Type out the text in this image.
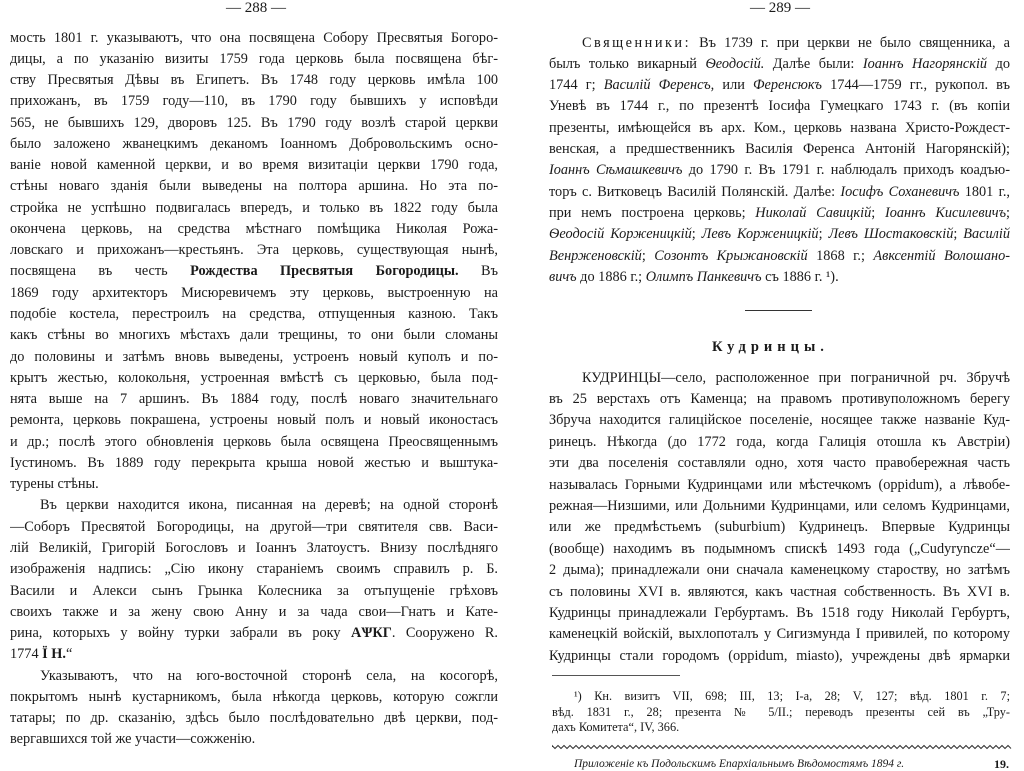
— 288 —
мость 1801 г. указываютъ, что она посвящена Собору Пресвятыя Богоро-
дицы, а по указанію визиты 1759 года церковь была посвящена бѣг-
ству Пресвятыя Дѣвы въ Египетъ. Въ 1748 году церковь имѣла 100
прихожанъ, въ 1759 году—110, въ 1790 году бывшихъ у исповѣди
565, не бывшихъ 129, дворовъ 125. Въ 1790 году возлѣ старой церкви
было заложено жванецкимъ деканомъ Іоанномъ Добровольскимъ осно-
ваніе новой каменной церкви, и во время визитаціи церкви 1790 года,
стѣны новаго зданія были выведены на полтора аршина. Но эта по-
стройка не успѣшно подвигалась впередъ, и только въ 1822 году была
окончена церковь, на средства мѣстнаго помѣщика Николая Рожа-
ловскаго и прихожанъ—крестьянъ. Эта церковь, существующая нынѣ,
посвящена въ честь Рождества Пресвятыя Богородицы. Въ
1869 году архитекторъ Мисюревичемъ эту церковь, выстроенную на
подобіе костела, перестроилъ на средства, отпущенныя казною. Такъ
какъ стѣны во многихъ мѣстахъ дали трещины, то они были сломаны
до половины и затѣмъ вновь выведены, устроенъ новый куполъ и по-
крытъ жестью, колокольня, устроенная вмѣстѣ съ церковью, была под-
нята выше на 7 аршинъ. Въ 1884 году, послѣ новаго значительнаго
ремонта, церковь покрашена, устроены новый полъ и новый иконостасъ
и др.; послѣ этого обновленія церковь была освящена Преосвященнымъ
Іустиномъ. Въ 1889 году перекрыта крыша новой жестью и выштука-
турены стѣны.
Въ церкви находится икона, писанная на деревѣ; на одной сторонѣ
—Соборъ Пресвятой Богородицы, на другой—три святителя свв. Васи-
лій Великій, Григорій Богословъ и Іоаннъ Златоустъ. Внизу послѣдняго
изображенія надпись: „Сію икону стараніемъ своимъ справилъ р. Б.
Васили и Алекси сынъ Грынка Колесника за отъпущеніе грѣховъ
своихъ также и за жену свою Анну и за чада свои—Гнатъ и Кате-
рина, которыхъ у войну турки забрали въ року АѰКГ. Сооружено R.
1774 Ї Н.“
Указываютъ, что на юго-восточной сторонѣ села, на косогорѣ,
покрытомъ нынѣ кустарникомъ, была нѣкогда церковь, которую сожгли
татары; по др. сказанію, здѣсь было послѣдовательно двѣ церкви, под-
вергавшихся той же участи—сожженію.
— 289 —
Священники: Въ 1739 г. при церкви не было священника, а
былъ только викарный Ѳеодосій. Далѣе были: Іоаннъ Нагорянскій до
1744 г; Василій Ференсъ, или Ференсюкъ 1744—1759 гг., рукопол. въ
Уневѣ въ 1744 г., по презентѣ Іосифа Гумецкаго 1743 г. (въ копіи
презенты, имѣющейся въ арх. Ком., церковь названа Христо-Рождест-
венская, а предшественникъ Василія Ференса Антоній Нагорянскій);
Іоаннъ Сѣмашкевичъ до 1790 г. Въ 1791 г. наблюдалъ приходъ коадъю-
торъ с. Витковецъ Василій Полянскій. Далѣе: Іосифъ Соханевичъ 1801 г.,
при немъ построена церковь; Николай Савицкій; Іоаннъ Кисилевичъ;
Ѳеодосій Корженицкій; Левъ Корженицкій; Левъ Шостаковскій; Василій
Венрженовскій; Созонтъ Крыжановскій 1868 г.; Авксентій Волошано-
вичъ до 1886 г.; Олимпъ Панкевичъ съ 1886 г. ¹).
Кудринцы.
КУДРИНЦЫ—село, расположенное при пограничной рч. Збручѣ
въ 25 верстахъ отъ Каменца; на правомъ противуположномъ берегу
Збруча находится галицiйское поселеніе, носящее также названіе Куд-
ринецъ. Нѣкогда (до 1772 года, когда Галиція отошла къ Австріи)
эти два поселенія составляли одно, хотя часто правобережная часть
называлась Горными Кудринцами или мѣстечкомъ (oppidum), а лѣвобе-
режная—Низшими, или Дольними Кудринцами, или селомъ Кудринцами,
или же предмѣстьемъ (suburbium) Кудринецъ. Впервые Кудринцы
(вообще) находимъ въ подымномъ спискѣ 1493 года („Cudyryncze“—
2 дыма); принадлежали они сначала каменецкому староству, но затѣмъ
съ половины XVI в. являются, какъ частная собственность. Въ XVI в.
Кудринцы принадлежали Гербуртамъ. Въ 1518 году Николай Гербуртъ,
каменецкій войскій, выхлопоталъ у Сигизмунда I привилей, по которому
Кудринцы стали городомъ (oppidum, miasto), учреждены двѣ ярмарки
¹) Кн. визитъ VII, 698; III, 13; I-а, 28; V, 127; вѣд. 1801 г. 7;
вѣд. 1831 г., 28; презента № 5/II.; переводъ презенты сей въ „Тру-
дахъ Комитета“, IV, 366.
Приложеніе къ Подольскимъ Епархіальнымъ Вѣдомостямъ 1894 г.	19.
